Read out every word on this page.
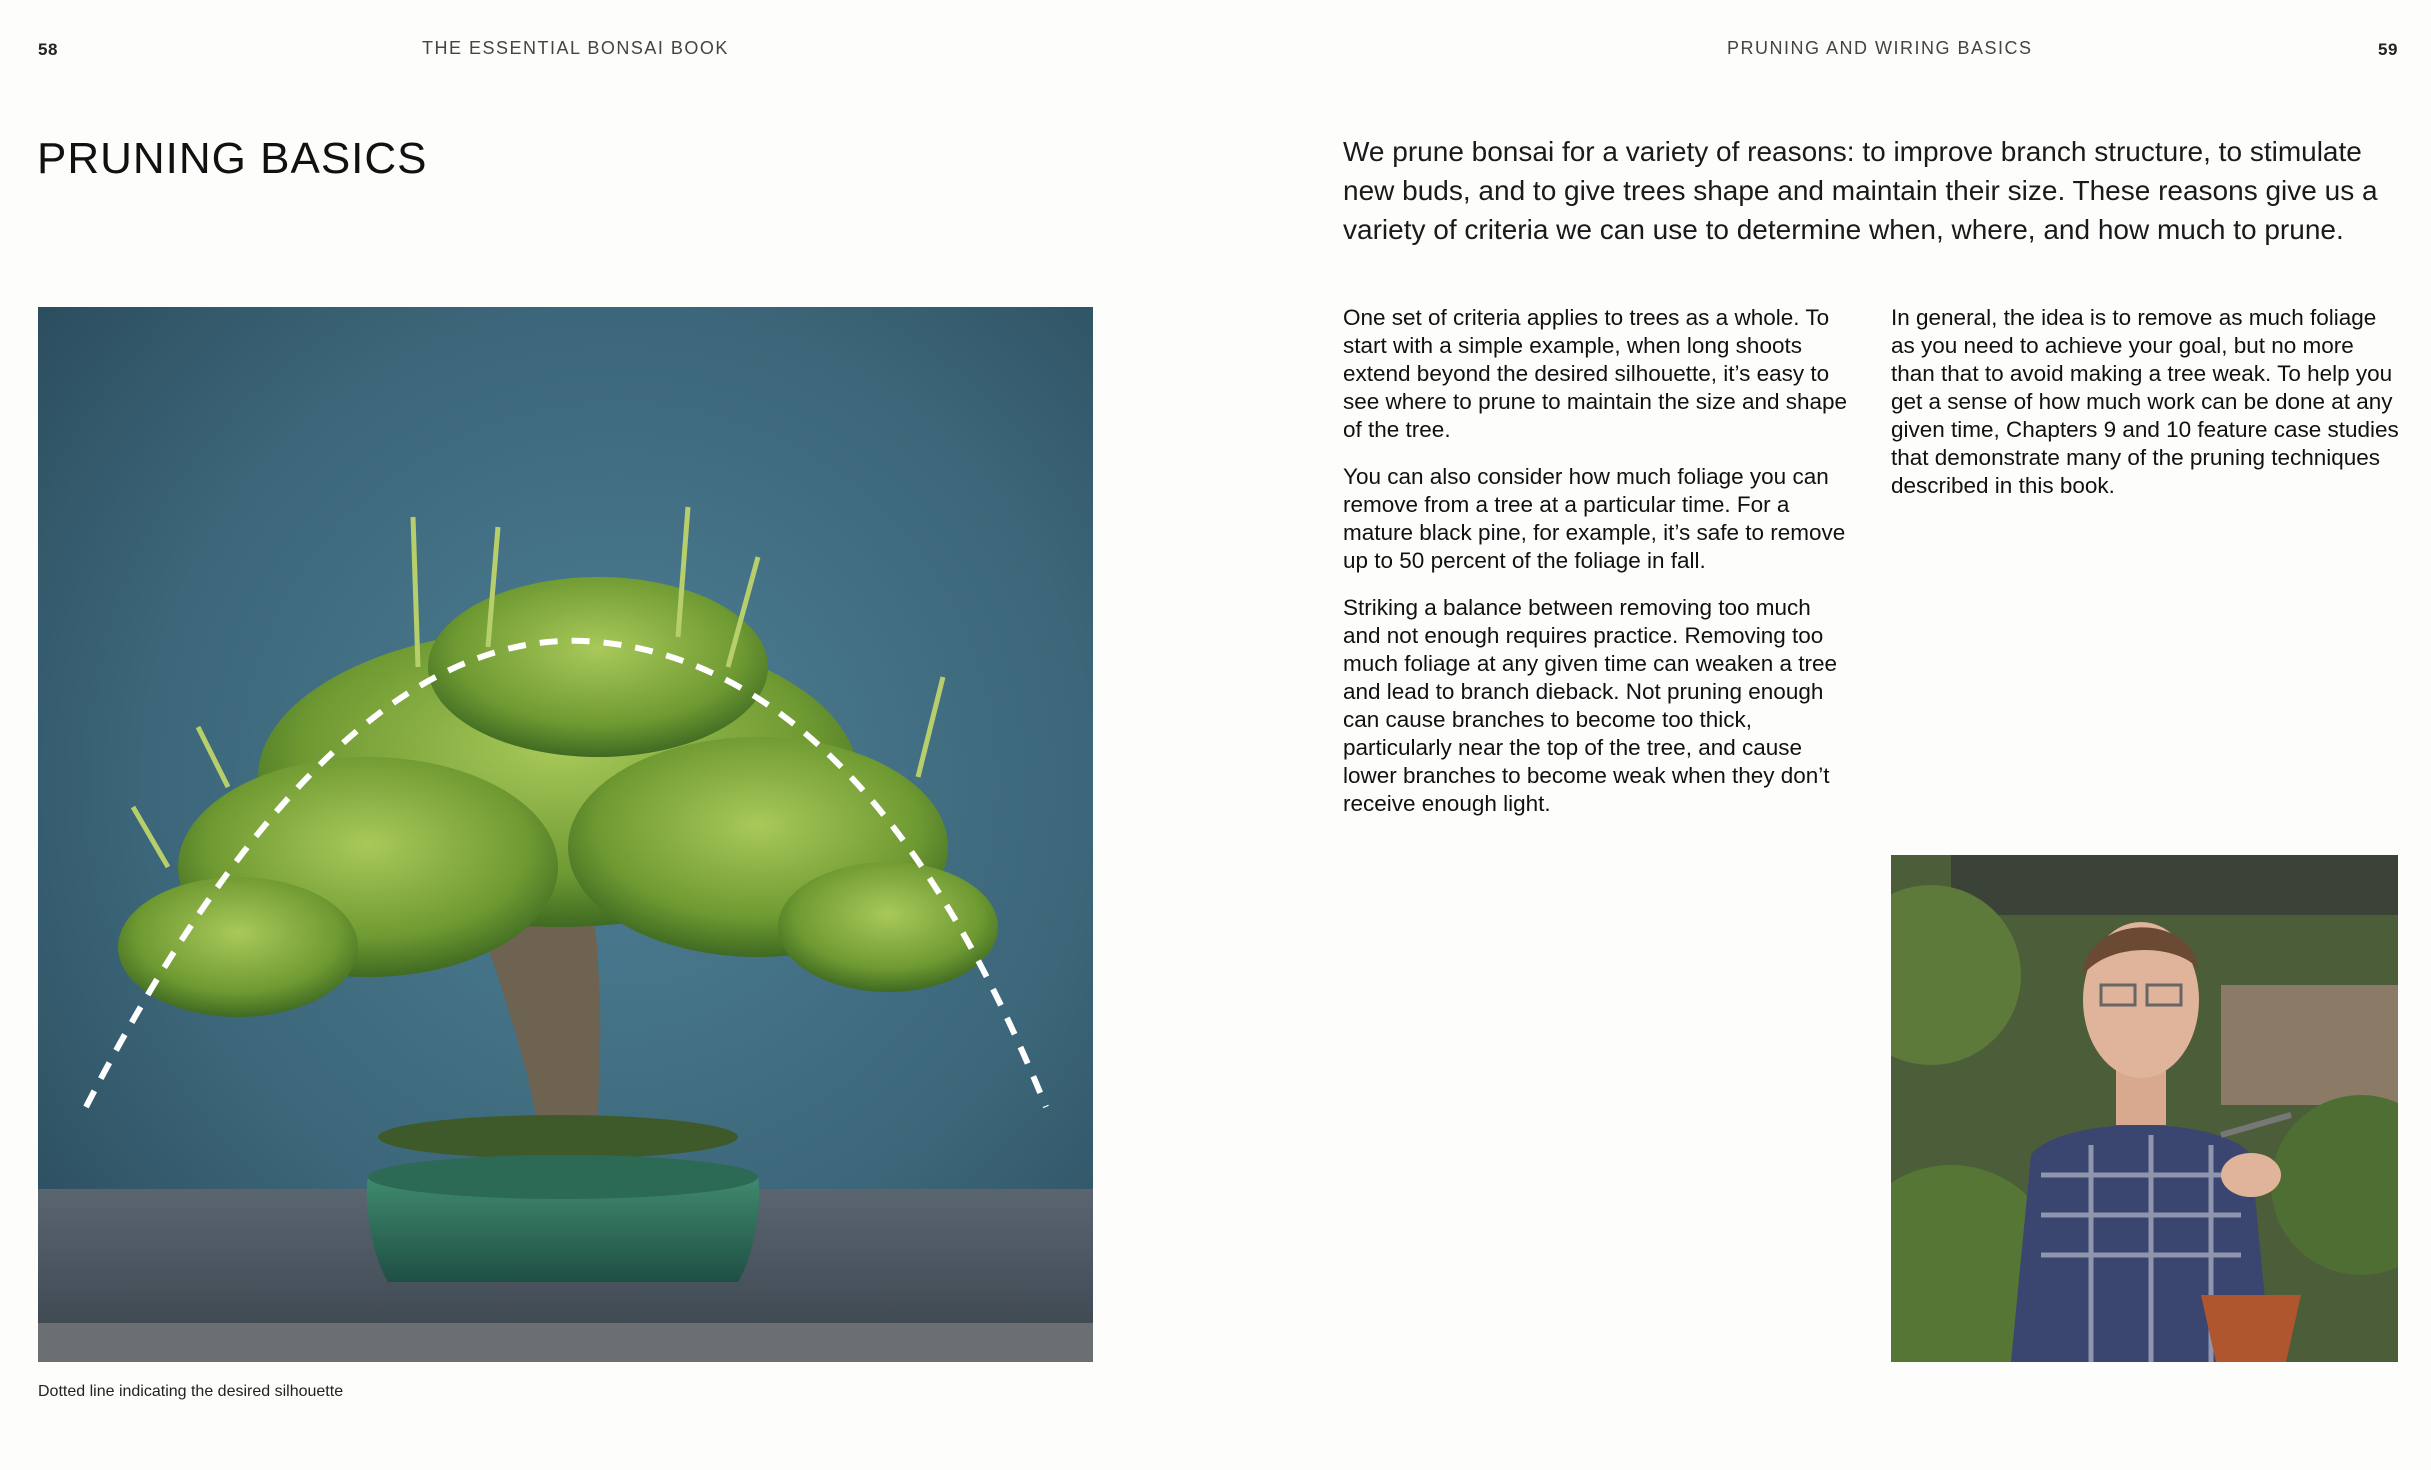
58	THE ESSENTIAL BONSAI BOOK
PRUNING BASICS
Dotted line indicating the desired silhouette
PRUNING AND WIRING BASICS	59

We prune bonsai for a variety of reasons: to improve branch structure, to stimulate new buds, and to give trees shape and maintain their size. These reasons give us a variety of criteria we can use to determine when, where, and how much to prune.

One set of criteria applies to trees as a whole. To start with a simple example, when long shoots extend beyond the desired silhouette, it’s easy to see where to prune to maintain the size and shape of the tree.

You can also consider how much foliage you can remove from a tree at a particular time. For a mature black pine, for example, it’s safe to remove up to 50 percent of the foliage in fall.

Striking a balance between removing too much and not enough requires practice. Removing too much foliage at any given time can weaken a tree and lead to branch dieback. Not pruning enough can cause branches to become too thick, particularly near the top of the tree, and cause lower branches to become weak when they don’t receive enough light.

In general, the idea is to remove as much foliage as you need to achieve your goal, but no more than that to avoid making a tree weak. To help you get a sense of how much work can be done at any given time, Chapters 9 and 10 feature case studies that demonstrate many of the pruning techniques described in this book.
